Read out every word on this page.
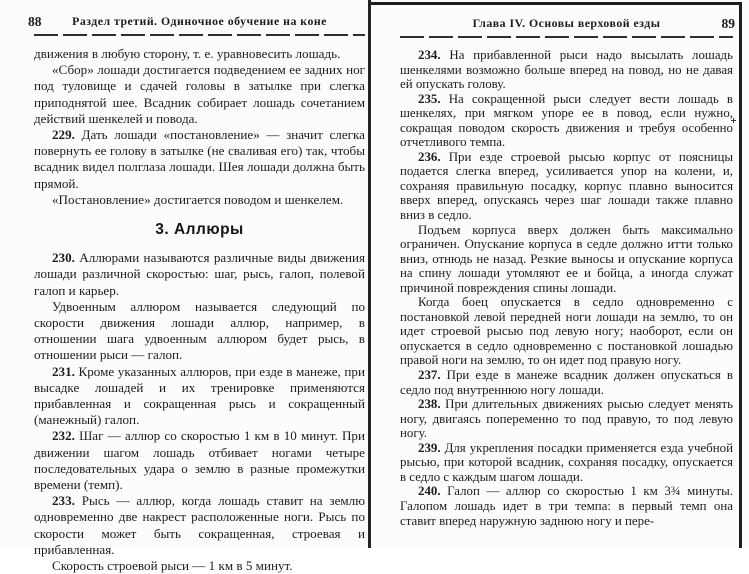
88	Раздел третий. Одиночное обучение на коне

движения в любую сторону, т. е. уравновесить лошадь.

«Сбор» лошади достигается подведением ее задних ног под туловище и сдачей головы в затылке при слегка приподнятой шее. Всадник собирает лошадь сочетанием действий шенкелей и повода.

229. Дать лошади «постановление» — значит слегка повернуть ее голову в затылке (не сваливая его) так, чтобы всадник видел полглаза лошади. Шея лошади должна быть прямой.

«Постановление» достигается поводом и шенкелем.

3. Аллюры

230. Аллюрами называются различные виды движения лошади различной скоростью: шаг, рысь, галоп, полевой галоп и карьер.

Удвоенным аллюром называется следующий по скорости движения лошади аллюр, например, в отношении шага удвоенным аллюром будет рысь, в отношении рыси — галоп.

231. Кроме указанных аллюров, при езде в манеже, при высадке лошадей и их тренировке применяются прибавленная и сокращенная рысь и сокращенный (манежный) галоп.

232. Шаг — аллюр со скоростью 1 км в 10 минут. При движении шагом лошадь отбивает ногами четыре последовательных удара о землю в разные промежутки времени (темп).

233. Рысь — аллюр, когда лошадь ставит на землю одновременно две накрест расположенные ноги. Рысь по скорости может быть сокращенная, строевая и прибавленная.

Скорость строевой рыси — 1 км в 5 минут.

Глава IV. Основы верховой езды	89

234. На прибавленной рыси надо высылать лошадь шенкелями возможно больше вперед на повод, но не давая ей опускать голову.

235. На сокращенной рыси следует вести лошадь в шенкелях, при мягком упоре ее в повод, если нужно, сокращая поводом скорость движения и требуя особенно отчетливого темпа.

236. При езде строевой рысью корпус от поясницы подается слегка вперед, усиливается упор на колени, и, сохраняя правильную посадку, корпус плавно выносится вверх вперед, опускаясь через шаг лошади также плавно вниз в седло.

Подъем корпуса вверх должен быть максимально ограничен. Опускание корпуса в седле должно итти только вниз, отнюдь не назад. Резкие выносы и опускание корпуса на спину лошади утомляют ее и бойца, а иногда служат причиной повреждения спины лошади.

Когда боец опускается в седло одновременно с постановкой левой передней ноги лошади на землю, то он идет строевой рысью под левую ногу; наоборот, если он опускается в седло одновременно с постановкой лошадью правой ноги на землю, то он идет под правую ногу.

237. При езде в манеже всадник должен опускаться в седло под внутреннюю ногу лошади.

238. При длительных движениях рысью следует менять ногу, двигаясь попеременно то под правую, то под левую ногу.

239. Для укрепления посадки применяется езда учебной рысью, при которой всадник, сохраняя посадку, опускается в седло с каждым шагом лошади.

240. Галоп — аллюр со скоростью 1 км 3¾ минуты. Галопом лошадь идет в три темпа: в первый темп она ставит вперед наружную заднюю ногу и пере-
